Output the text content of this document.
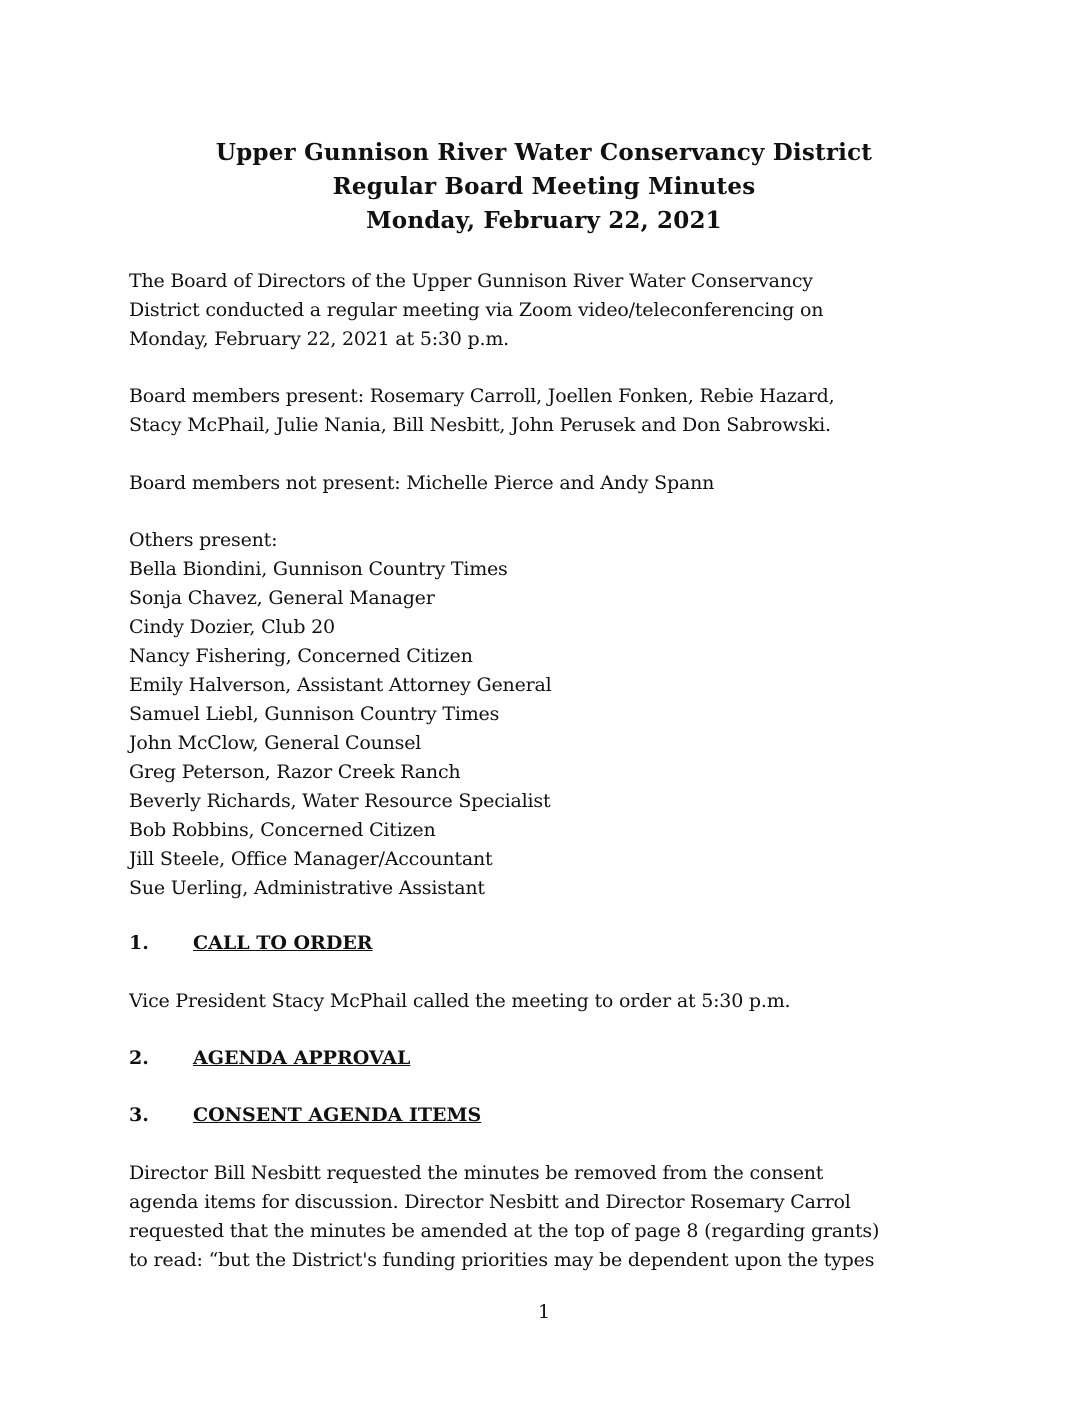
Upper Gunnison River Water Conservancy District

Regular Board Meeting Minutes

Monday, February 22, 2021

The Board of Directors of the Upper Gunnison River Water Conservancy
District conducted a regular meeting via Zoom video/teleconferencing on
Monday, February 22, 2021 at 5:30 p.m.
Board members present: Rosemary Carroll, Joellen Fonken, Rebie Hazard,
Stacy McPhail, Julie Nania, Bill Nesbitt, John Perusek and Don Sabrowski.
Board members not present: Michelle Pierce and Andy Spann
Others present:
Bella Biondini, Gunnison Country Times
Sonja Chavez, General Manager
Cindy Dozier, Club 20
Nancy Fishering, Concerned Citizen
Emily Halverson, Assistant Attorney General
Samuel Liebl, Gunnison Country Times
John McClow, General Counsel
Greg Peterson, Razor Creek Ranch
Beverly Richards, Water Resource Specialist
Bob Robbins, Concerned Citizen
Jill Steele, Office Manager/Accountant
Sue Uerling, Administrative Assistant
1. CALL TO ORDER
Vice President Stacy McPhail called the meeting to order at 5:30 p.m.
2. AGENDA APPROVAL
3. CONSENT AGENDA ITEMS
Director Bill Nesbitt requested the minutes be removed from the consent
agenda items for discussion. Director Nesbitt and Director Rosemary Carrol
requested that the minutes be amended at the top of page 8 (regarding grants)
to read: “but the District's funding priorities may be dependent upon the types
1
